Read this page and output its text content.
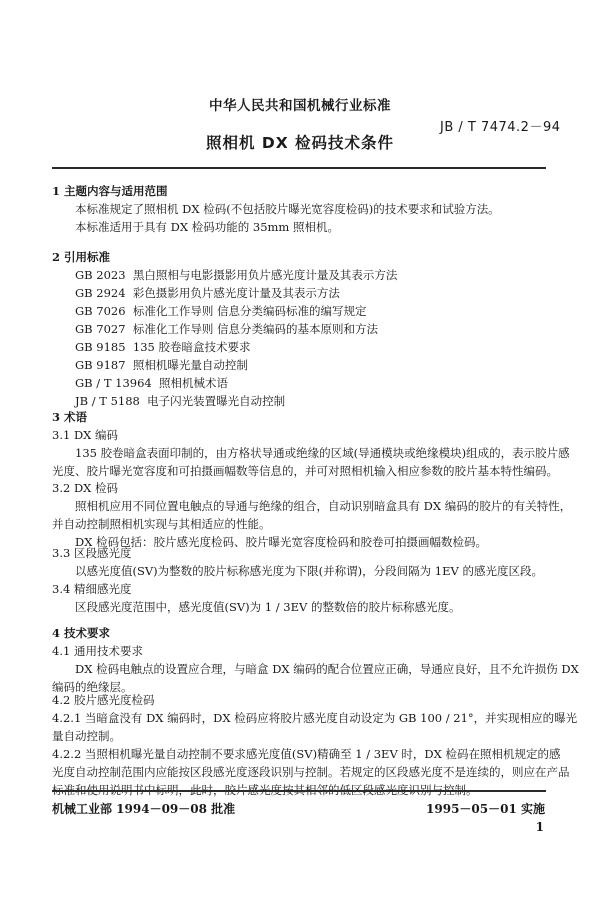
中华人民共和国机械行业标准
JB / T 7474.2－94
照相机 DX 检码技术条件
1 主题内容与适用范围
本标准规定了照相机 DX 检码(不包括胶片曝光宽容度检码)的技术要求和试验方法。
本标准适用于具有 DX 检码功能的 35mm 照相机。
2 引用标准
GB 2023 黑白照相与电影摄影用负片感光度计量及其表示方法
GB 2924 彩色摄影用负片感光度计量及其表示方法
GB 7026 标准化工作导则 信息分类编码标准的编写规定
GB 7027 标准化工作导则 信息分类编码的基本原则和方法
GB 9185 135 胶卷暗盒技术要求
GB 9187 照相机曝光量自动控制
GB / T 13964 照相机械术语
JB / T 5188 电子闪光装置曝光自动控制
3 术语
3.1 DX 编码
135 胶卷暗盒表面印制的，由方格状导通或绝缘的区域(导通模块或绝缘模块)组成的，表示胶片感
光度、胶片曝光宽容度和可拍摄画幅数等信息的，并可对照相机输入相应参数的胶片基本特性编码。
3.2 DX 检码
照相机应用不同位置电触点的导通与绝缘的组合，自动识别暗盒具有 DX 编码的胶片的有关特性，
并自动控制照相机实现与其相适应的性能。
DX 检码包括：胶片感光度检码、胶片曝光宽容度检码和胶卷可拍摄画幅数检码。
3.3 区段感光度
以感光度值(SV)为整数的胶片标称感光度为下限(并称谓)，分段间隔为 1EV 的感光度区段。
3.4 精细感光度
区段感光度范围中，感光度值(SV)为 1 / 3EV 的整数倍的胶片标称感光度。
4 技术要求
4.1 通用技术要求
DX 检码电触点的设置应合理，与暗盒 DX 编码的配合位置应正确，导通应良好，且不允许损伤 DX
编码的绝缘层。
4.2 胶片感光度检码
4.2.1 当暗盒没有 DX 编码时，DX 检码应将胶片感光度自动设定为 GB 100 / 21°，并实现相应的曝光
量自动控制。
4.2.2 当照相机曝光量自动控制不要求感光度值(SV)精确至 1 / 3EV 时，DX 检码在照相机规定的感
光度自动控制范围内应能按区段感光度逐段识别与控制。若规定的区段感光度不是连续的，则应在产品
机械工业部 1994－09－08 批准	1995－05－01 实施
1
